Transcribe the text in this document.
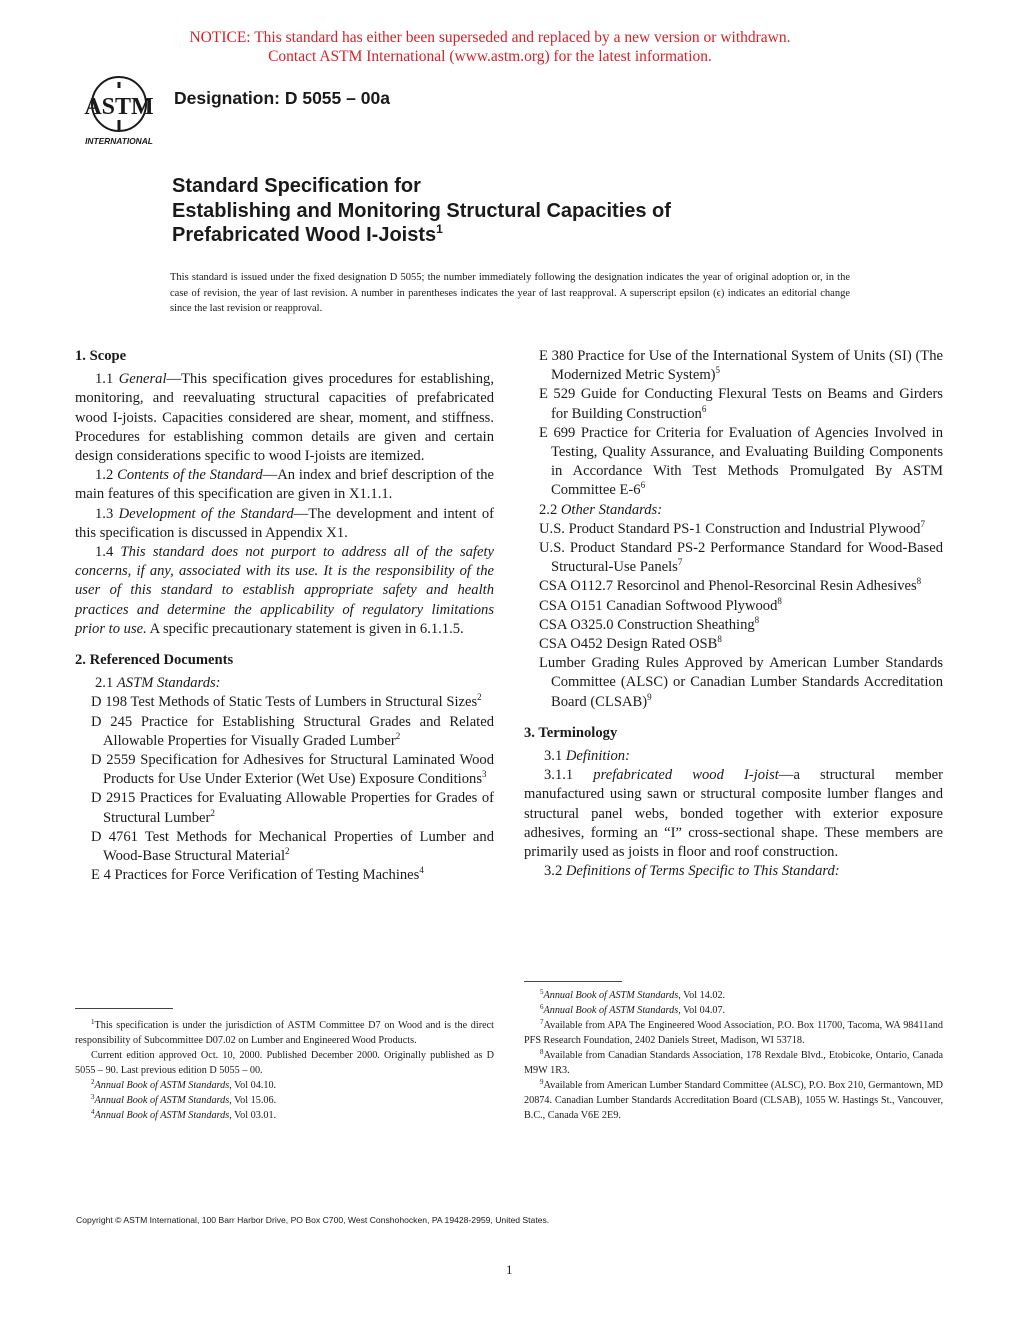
NOTICE: This standard has either been superseded and replaced by a new version or withdrawn.
Contact ASTM International (www.astm.org) for the latest information.
ASTM
INTERNATIONAL
Designation: D 5055 – 00a
Standard Specification for
Establishing and Monitoring Structural Capacities of
Prefabricated Wood I-Joists$^1$
This standard is issued under the fixed designation D 5055; the number immediately following the designation indicates the year of original adoption or, in the case of revision, the year of last revision. A number in parentheses indicates the year of last reapproval. A superscript epsilon (ϵ) indicates an editorial change since the last revision or reapproval.

1. Scope

1.1 General—This specification gives procedures for establishing, monitoring, and reevaluating structural capacities of prefabricated wood I-joists. Capacities considered are shear, moment, and stiffness. Procedures for establishing common details are given and certain design considerations specific to wood I-joists are itemized.

1.2 Contents of the Standard—An index and brief description of the main features of this specification are given in X1.1.1.

1.3 Development of the Standard—The development and intent of this specification is discussed in Appendix X1.

1.4 This standard does not purport to address all of the safety concerns, if any, associated with its use. It is the responsibility of the user of this standard to establish appropriate safety and health practices and determine the applicability of regulatory limitations prior to use. A specific precautionary statement is given in 6.1.1.5.

2. Referenced Documents

2.1 ASTM Standards:

D 198 Test Methods of Static Tests of Lumbers in Structural Sizes$^2$

D 245 Practice for Establishing Structural Grades and Related Allowable Properties for Visually Graded Lumber$^2$

D 2559 Specification for Adhesives for Structural Laminated Wood Products for Use Under Exterior (Wet Use) Exposure Conditions$^3$

D 2915 Practices for Evaluating Allowable Properties for Grades of Structural Lumber$^2$

D 4761 Test Methods for Mechanical Properties of Lumber and Wood-Base Structural Material$^2$

E 4 Practices for Force Verification of Testing Machines$^4$

$^1$This specification is under the jurisdiction of ASTM Committee D7 on Wood and is the direct responsibility of Subcommittee D07.02 on Lumber and Engineered Wood Products.

Current edition approved Oct. 10, 2000. Published December 2000. Originally published as D 5055 – 90. Last previous edition D 5055 – 00.

$^2$Annual Book of ASTM Standards, Vol 04.10.

$^3$Annual Book of ASTM Standards, Vol 15.06.

$^4$Annual Book of ASTM Standards, Vol 03.01.

E 380 Practice for Use of the International System of Units (SI) (The Modernized Metric System)$^5$

E 529 Guide for Conducting Flexural Tests on Beams and Girders for Building Construction$^6$

E 699 Practice for Criteria for Evaluation of Agencies Involved in Testing, Quality Assurance, and Evaluating Building Components in Accordance With Test Methods Promulgated By ASTM Committee $E-6^6$

2.2 Other Standards:

U.S. Product Standard PS-1 Construction and Industrial Plywood$^7$

U.S. Product Standard PS-2 Performance Standard for Wood-Based Structural-Use Panels$^7$

CSA O112.7 Resorcinol and Phenol-Resorcinal Resin Adhesives$^8$

CSA O151 Canadian Softwood Plywood$^8$

CSA O325.0 Construction Sheathing$^8$

CSA O452 Design Rated OSB$^8$

Lumber Grading Rules Approved by American Lumber Standards Committee (ALSC) or Canadian Lumber Standards Accreditation Board (CLSAB)$^9$

3. Terminology

3.1 Definition:

3.1.1 prefabricated wood I-joist—a structural member manufactured using sawn or structural composite lumber flanges and structural panel webs, bonded together with exterior exposure adhesives, forming an “I” cross-sectional shape. These members are primarily used as joists in floor and roof construction.

3.2 Definitions of Terms Specific to This Standard:

$^5$Annual Book of ASTM Standards, Vol 14.02.

$^6$Annual Book of ASTM Standards, Vol 04.07.

$^7$Available from APA The Engineered Wood Association, P.O. Box 11700, Tacoma, WA 98411and PFS Research Foundation, 2402 Daniels Street, Madison, WI 53718.

$^8$Available from Canadian Standards Association, 178 Rexdale Blvd., Etobicoke, Ontario, Canada M9W 1R3.

$^9$Available from American Lumber Standard Committee (ALSC), P.O. Box 210, Germantown, MD 20874. Canadian Lumber Standards Accreditation Board (CLSAB), 1055 W. Hastings St., Vancouver, B.C., Canada V6E 2E9.

Copyright © ASTM International, 100 Barr Harbor Drive, PO Box C700, West Conshohocken, PA 19428-2959, United States.
1
